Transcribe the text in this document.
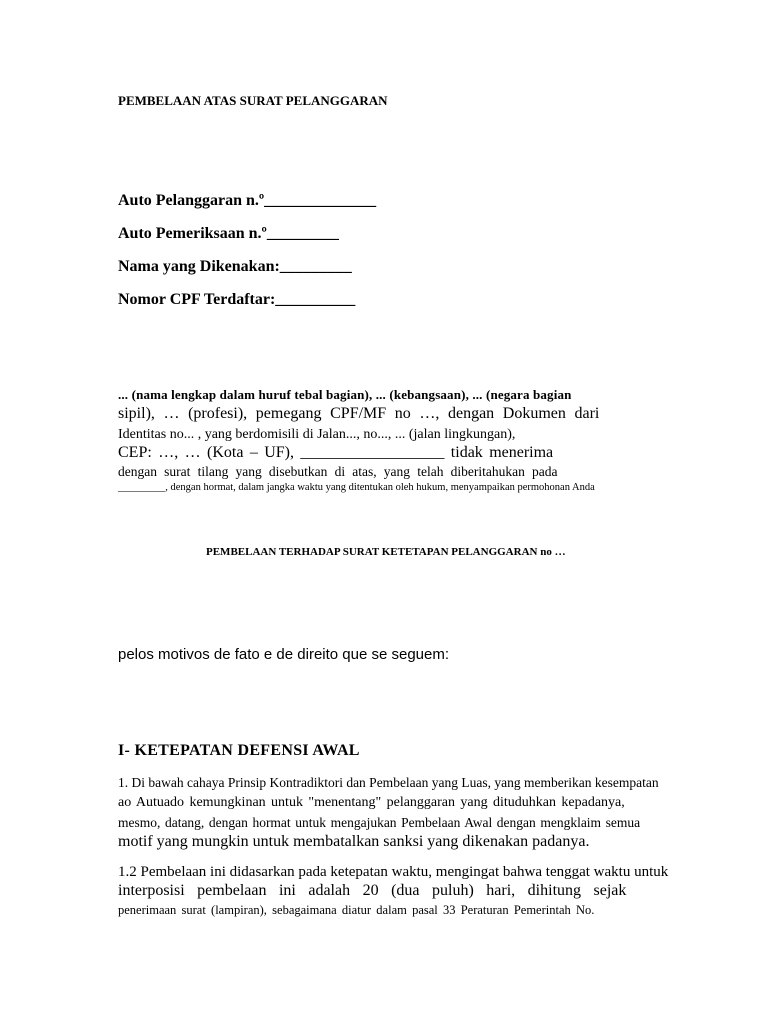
PEMBELAAN ATAS SURAT PELANGGARAN
Auto Pelanggaran n.º______________
Auto Pemeriksaan n.º_________
Nama yang Dikenakan:_________
Nomor CPF Terdaftar:__________
... (nama lengkap dalam huruf tebal bagian), ... (kebangsaan), ... (negara bagian
sipil), … (profesi), pemegang CPF/MF no …, dengan Dokumen dari
Identitas no... , yang berdomisili di Jalan..., no..., ... (jalan lingkungan),
CEP: …, … (Kota – UF), __________________ tidak menerima
dengan surat tilang yang disebutkan di atas, yang telah diberitahukan pada
_________, dengan hormat, dalam jangka waktu yang ditentukan oleh hukum, menyampaikan permohonan Anda
PEMBELAAN TERHADAP SURAT KETETAPAN PELANGGARAN no …
pelos motivos de fato e de direito que se seguem:
I- KETEPATAN DEFENSI AWAL
1. Di bawah cahaya Prinsip Kontradiktori dan Pembelaan yang Luas, yang memberikan kesempatan
ao Autuado kemungkinan untuk "menentang" pelanggaran yang dituduhkan kepadanya,
mesmo, datang, dengan hormat untuk mengajukan Pembelaan Awal dengan mengklaim semua
motif yang mungkin untuk membatalkan sanksi yang dikenakan padanya.
1.2 Pembelaan ini didasarkan pada ketepatan waktu, mengingat bahwa tenggat waktu untuk
interposisi pembelaan ini adalah 20 (dua puluh) hari, dihitung sejak
penerimaan surat (lampiran), sebagaimana diatur dalam pasal 33 Peraturan Pemerintah No.
